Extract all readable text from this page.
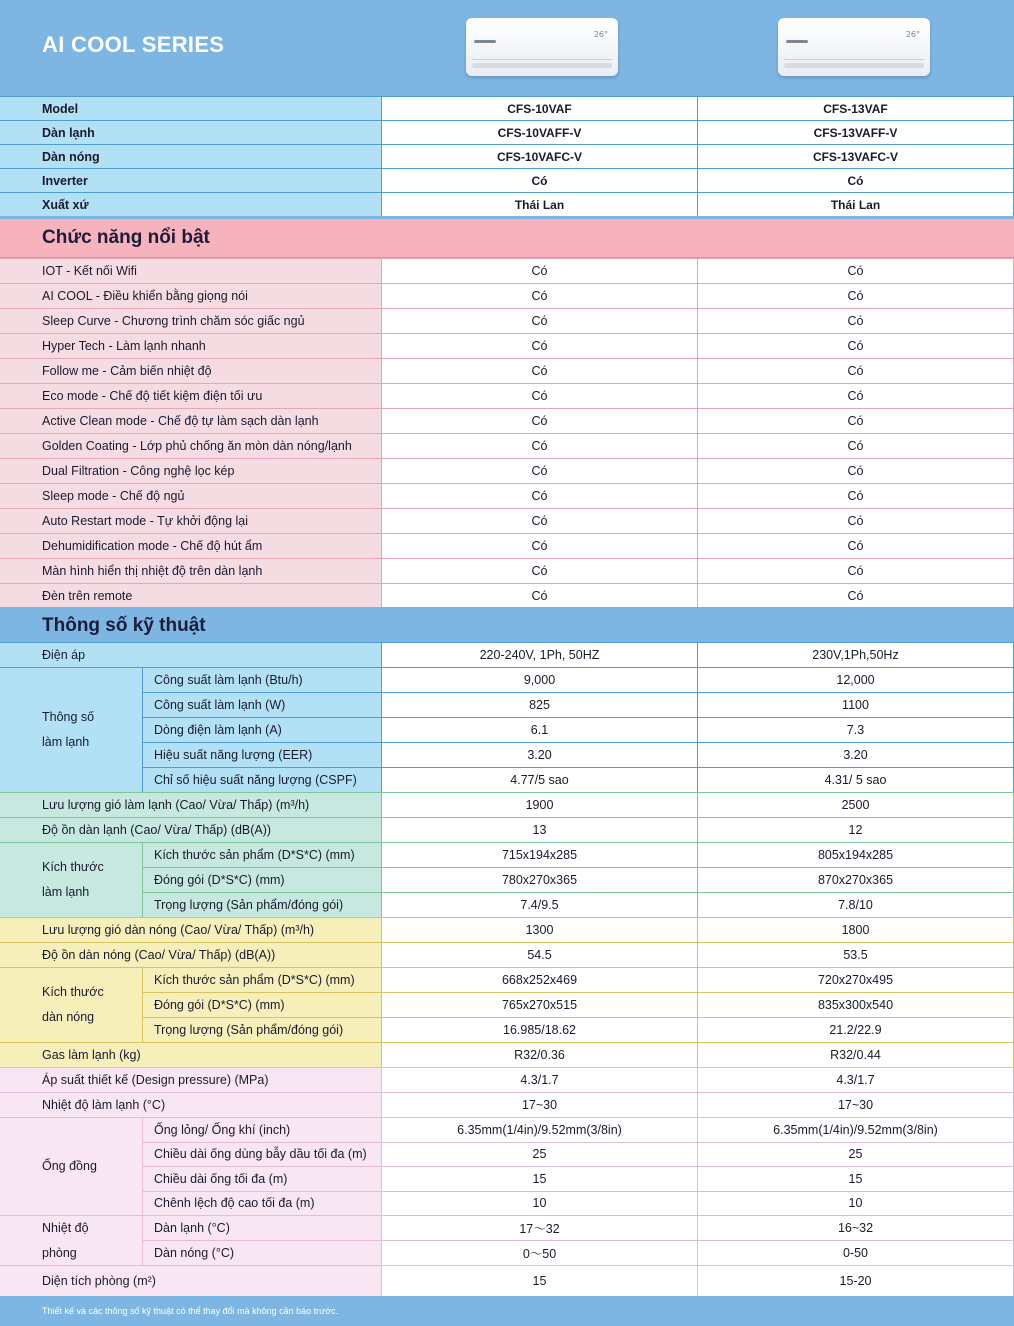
AI COOL SERIES	26°	26°
Model	CFS-10VAF	CFS-13VAF
Dàn lạnh	CFS-10VAFF-V	CFS-13VAFF-V
Dàn nóng	CFS-10VAFC-V	CFS-13VAFC-V
Inverter	Có	Có
Xuất xứ	Thái Lan	Thái Lan
Chức năng nổi bật
IOT - Kết nối Wifi	Có	Có
AI COOL - Điều khiển bằng giọng nói	Có	Có
Sleep Curve - Chương trình chăm sóc giấc ngủ	Có	Có
Hyper Tech - Làm lạnh nhanh	Có	Có
Follow me - Cảm biến nhiệt độ	Có	Có
Eco mode - Chế độ tiết kiệm điện tối ưu	Có	Có
Active Clean mode - Chế độ tự làm sạch dàn lạnh	Có	Có
Golden Coating - Lớp phủ chống ăn mòn dàn nóng/lạnh	Có	Có
Dual Filtration - Công nghệ lọc kép	Có	Có
Sleep mode - Chế độ ngủ	Có	Có
Auto Restart mode - Tự khởi động lại	Có	Có
Dehumidification mode - Chế độ hút ẩm	Có	Có
Màn hình hiển thị nhiệt độ trên dàn lạnh	Có	Có
Đèn trên remote	Có	Có
Thông số kỹ thuật
Điện áp	220-240V, 1Ph, 50HZ	230V,1Ph,50Hz
Thông số
làm lạnh
Công suất làm lạnh (Btu/h)	9,000	12,000
Công suất làm lạnh (W)	825	1100
Dòng điện làm lạnh (A)	6.1	7.3
Hiệu suất năng lượng (EER)	3.20	3.20
Chỉ số hiệu suất năng lượng (CSPF)	4.77/5 sao	4.31/ 5 sao
Lưu lượng gió làm lạnh (Cao/ Vừa/ Thấp) (m³/h)	1900	2500
Độ ồn dàn lạnh (Cao/ Vừa/ Thấp) (dB(A))	13	12
Kích thước
làm lạnh
Kích thước sản phẩm (D*S*C) (mm)	715x194x285	805x194x285
Đóng gói (D*S*C) (mm)	780x270x365	870x270x365
Trọng lượng (Sản phẩm/đóng gói)	7.4/9.5	7.8/10
Lưu lượng gió dàn nóng (Cao/ Vừa/ Thấp) (m³/h)	1300	1800
Độ ồn dàn nóng (Cao/ Vừa/ Thấp) (dB(A))	54.5	53.5
Kích thước
dàn nóng
Kích thước sản phẩm (D*S*C) (mm)	668x252x469	720x270x495
Đóng gói (D*S*C) (mm)	765x270x515	835x300x540
Trọng lượng (Sản phẩm/đóng gói)	16.985/18.62	21.2/22.9
Gas làm lạnh (kg)	R32/0.36	R32/0.44
Áp suất thiết kế (Design pressure) (MPa)	4.3/1.7	4.3/1.7
Nhiệt độ làm lạnh (°C)	17~30	17~30
Ống đồng

Ống lỏng/ Ống khí (inch)	6.35mm(1/4in)/9.52mm(3/8in)	6.35mm(1/4in)/9.52mm(3/8in)
Chiều dài ống dùng bẫy dầu tối đa (m)	25	25
Chiều dài ống tối đa (m)	15	15
Chênh lệch độ cao tối đa (m)	10	10
Nhiệt độ
phòng
Dàn lạnh (°C)	17～32	16~32
Dàn nóng (°C)	0～50	0-50
Diện tích phòng (m²)	15	15-20
Thiết kế và các thông số kỹ thuật có thể thay đổi mà không cần báo trước.
